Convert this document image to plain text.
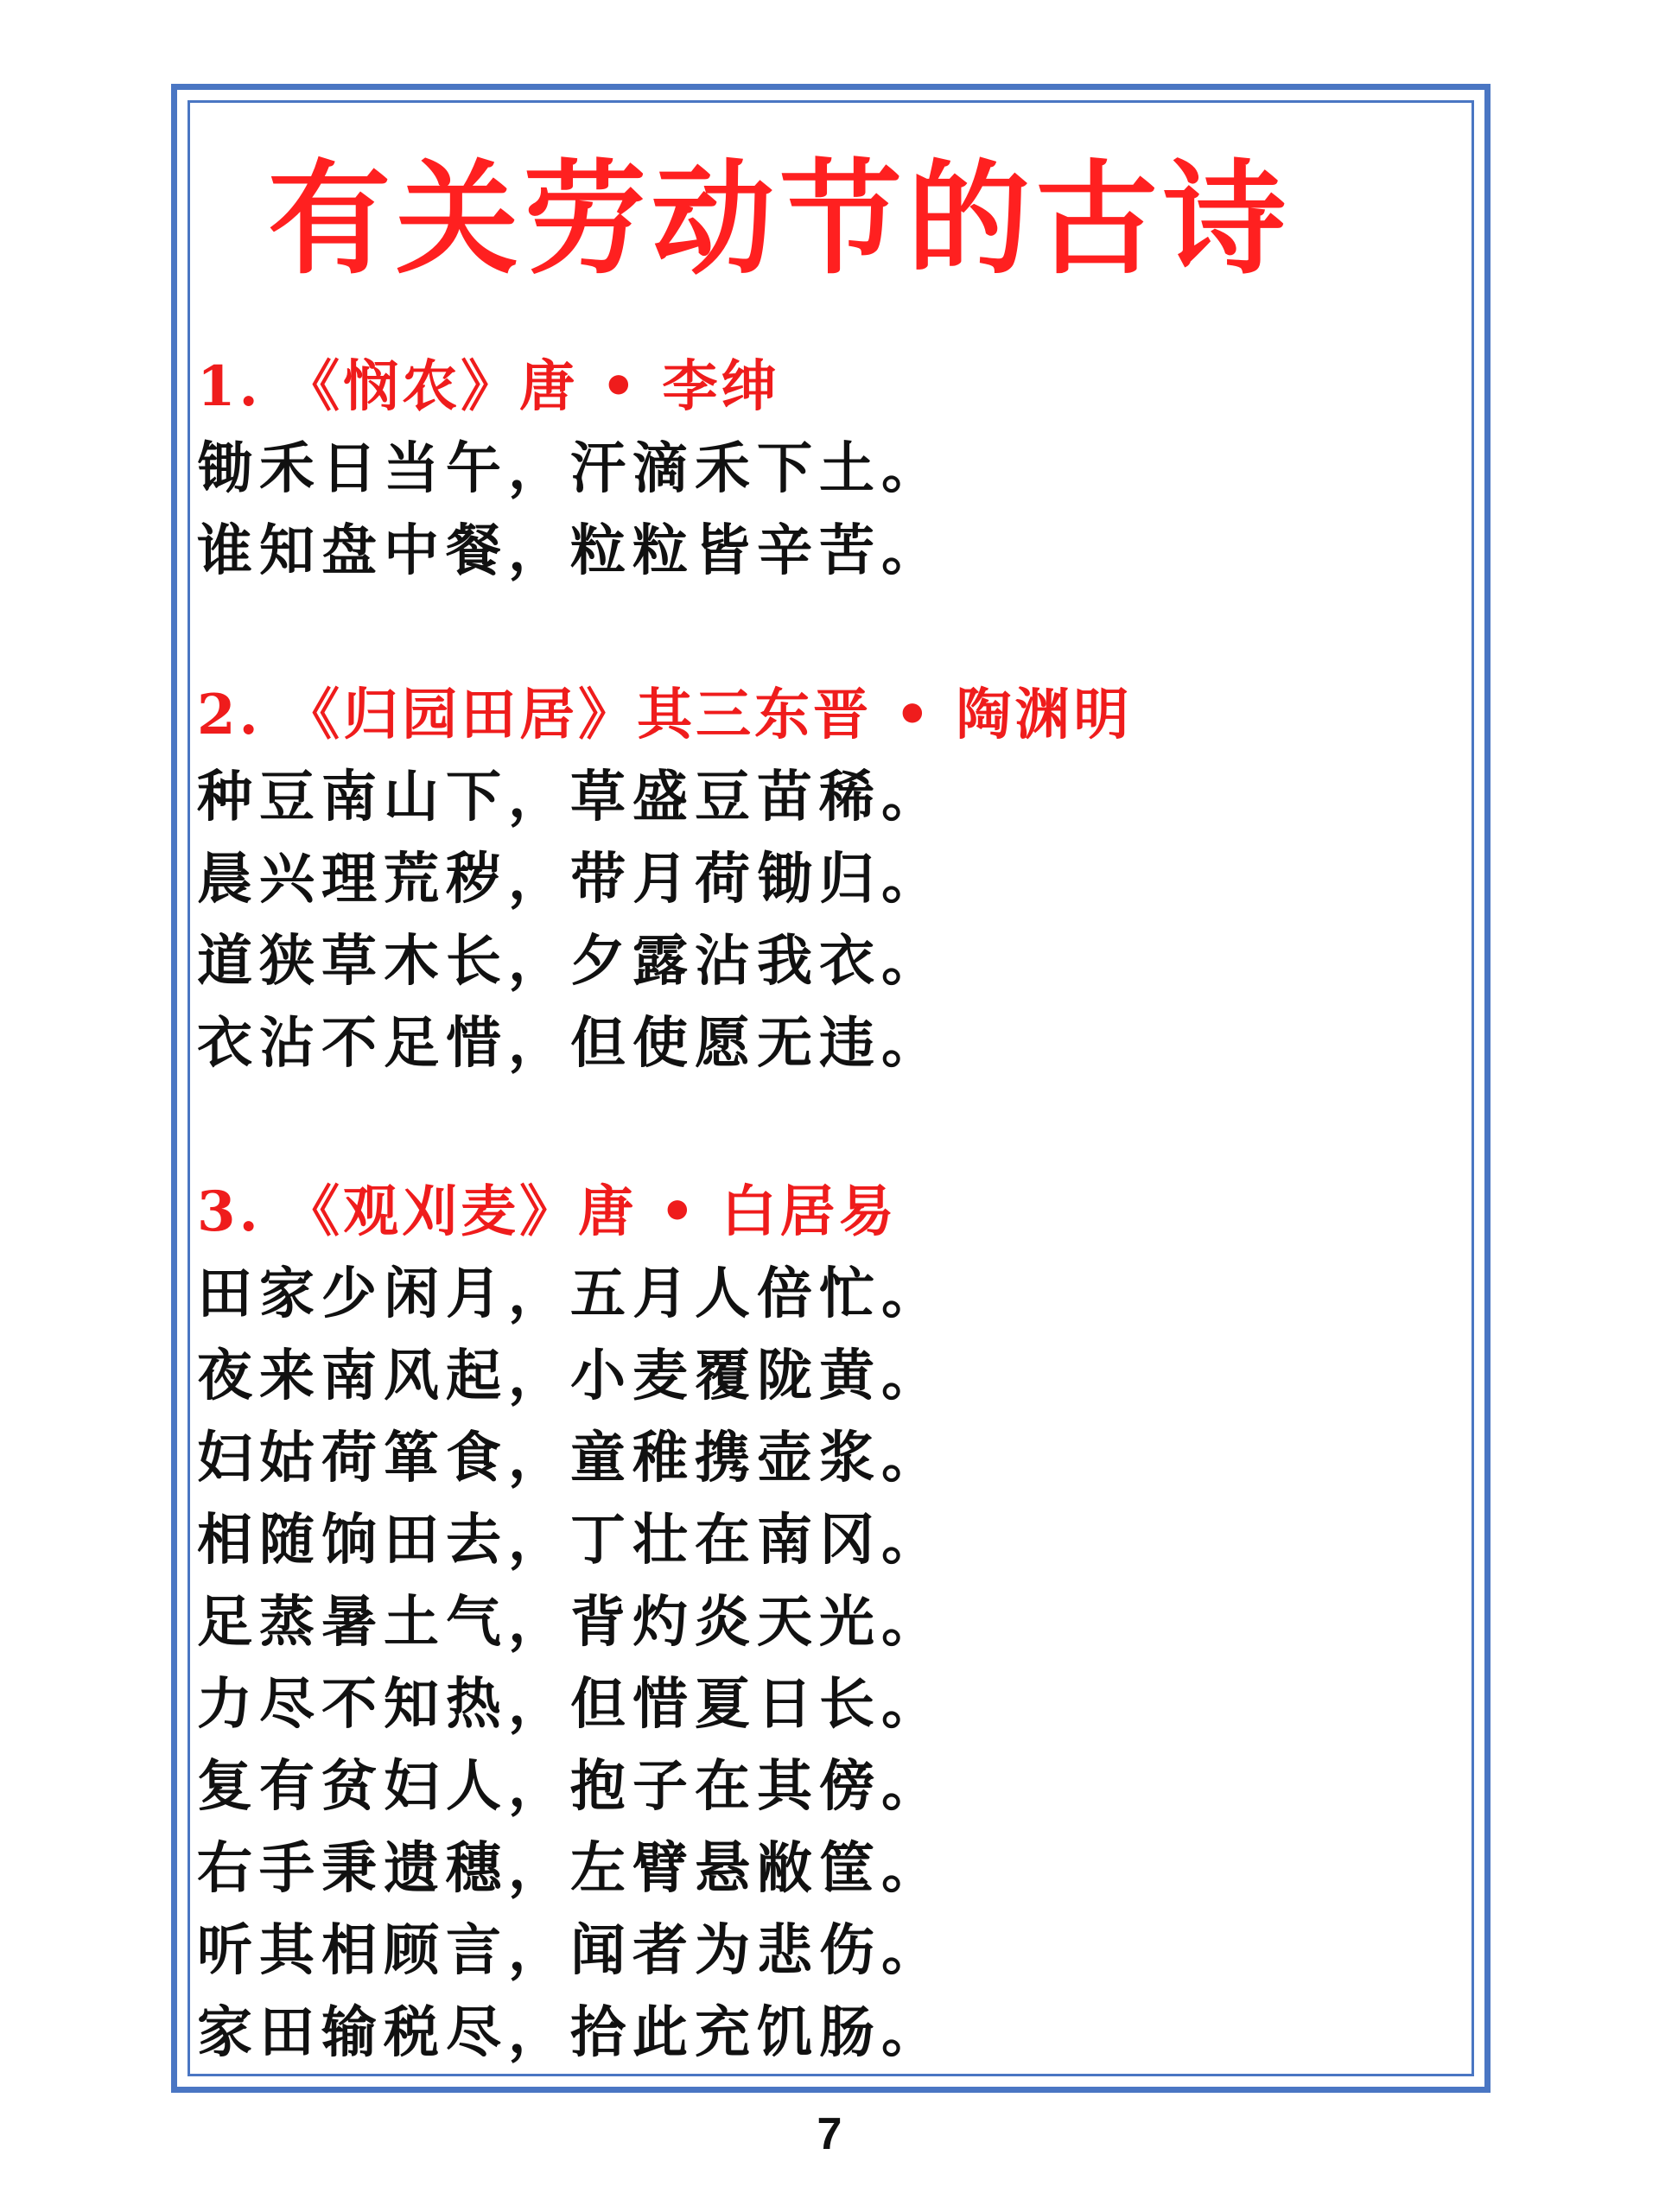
有关劳动节的古诗
1. 《悯农》唐 • 李绅
锄禾日当午，汗滴禾下土。
谁知盘中餐，粒粒皆辛苦。
2. 《归园田居》其三东晋 • 陶渊明
种豆南山下，草盛豆苗稀。
晨兴理荒秽，带月荷锄归。
道狭草木长，夕露沾我衣。
衣沾不足惜，但使愿无违。
3. 《观刈麦》唐 • 白居易
田家少闲月，五月人倍忙。
夜来南风起，小麦覆陇黄。
妇姑荷箪食，童稚携壶浆。
相随饷田去，丁壮在南冈。
足蒸暑土气，背灼炎天光。
力尽不知热，但惜夏日长。
复有贫妇人，抱子在其傍。
右手秉遗穗，左臂悬敝筐。
听其相顾言，闻者为悲伤。
家田输税尽，拾此充饥肠。
7
